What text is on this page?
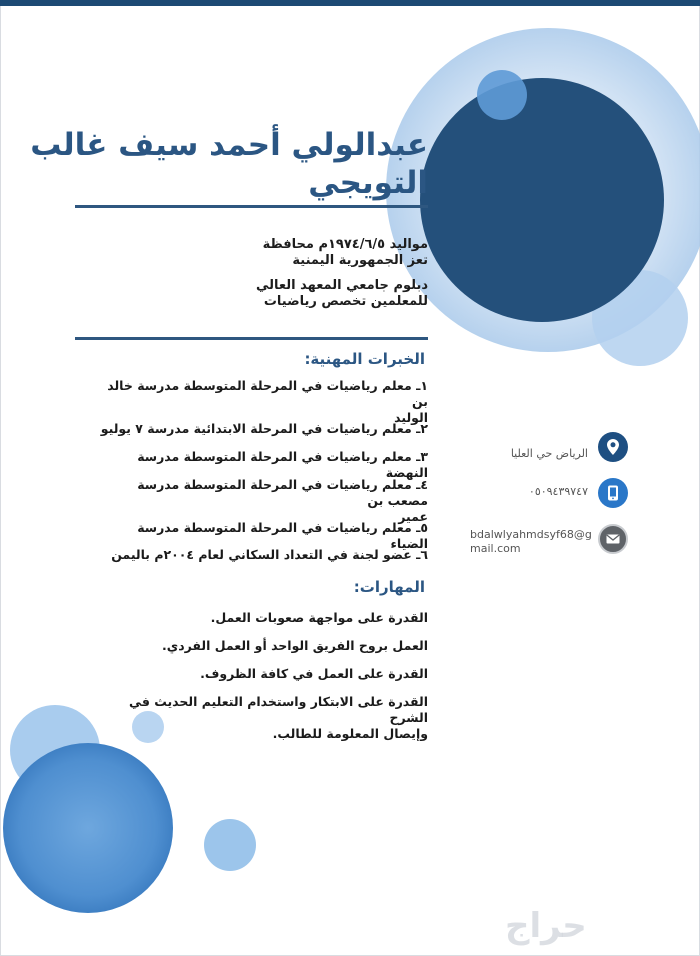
عبدالولي أحمد سيف غالب
التويجي
مواليد ١٩٧٤/٦/٥م محافظة
تعز الجمهورية اليمنية
دبلوم جامعي المعهد العالي
للمعلمين تخصص رياضيات
الخبرات المهنية:
١ـ معلم رياضيات في المرحلة المتوسطة مدرسة خالد بن
الوليد
٢ـ معلم رياضيات في المرحلة الابتدائية مدرسة ٧ يوليو
٣ـ معلم رياضيات في المرحلة المتوسطة مدرسة النهضة
٤ـ معلم رياضيات في المرحلة المتوسطة مدرسة مصعب بن
عمير
٥ـ معلم رياضيات في المرحلة المتوسطة مدرسة الضياء
٦ـ عضو لجنة في التعداد السكاني لعام ٢٠٠٤م باليمن
المهارات:
القدرة على مواجهة صعوبات العمل.
العمل بروح الفريق الواحد أو العمل الفردي.
القدرة على العمل في كافة الظروف.
القدرة على الابتكار واستخدام التعليم الحديث في الشرح
وإيصال المعلومة للطالب.
الرياض حي العليا
٠٥٠٩٤٣٩٧٤٧
bdalwlyahmdsyf68@g
mail.com
حراج
